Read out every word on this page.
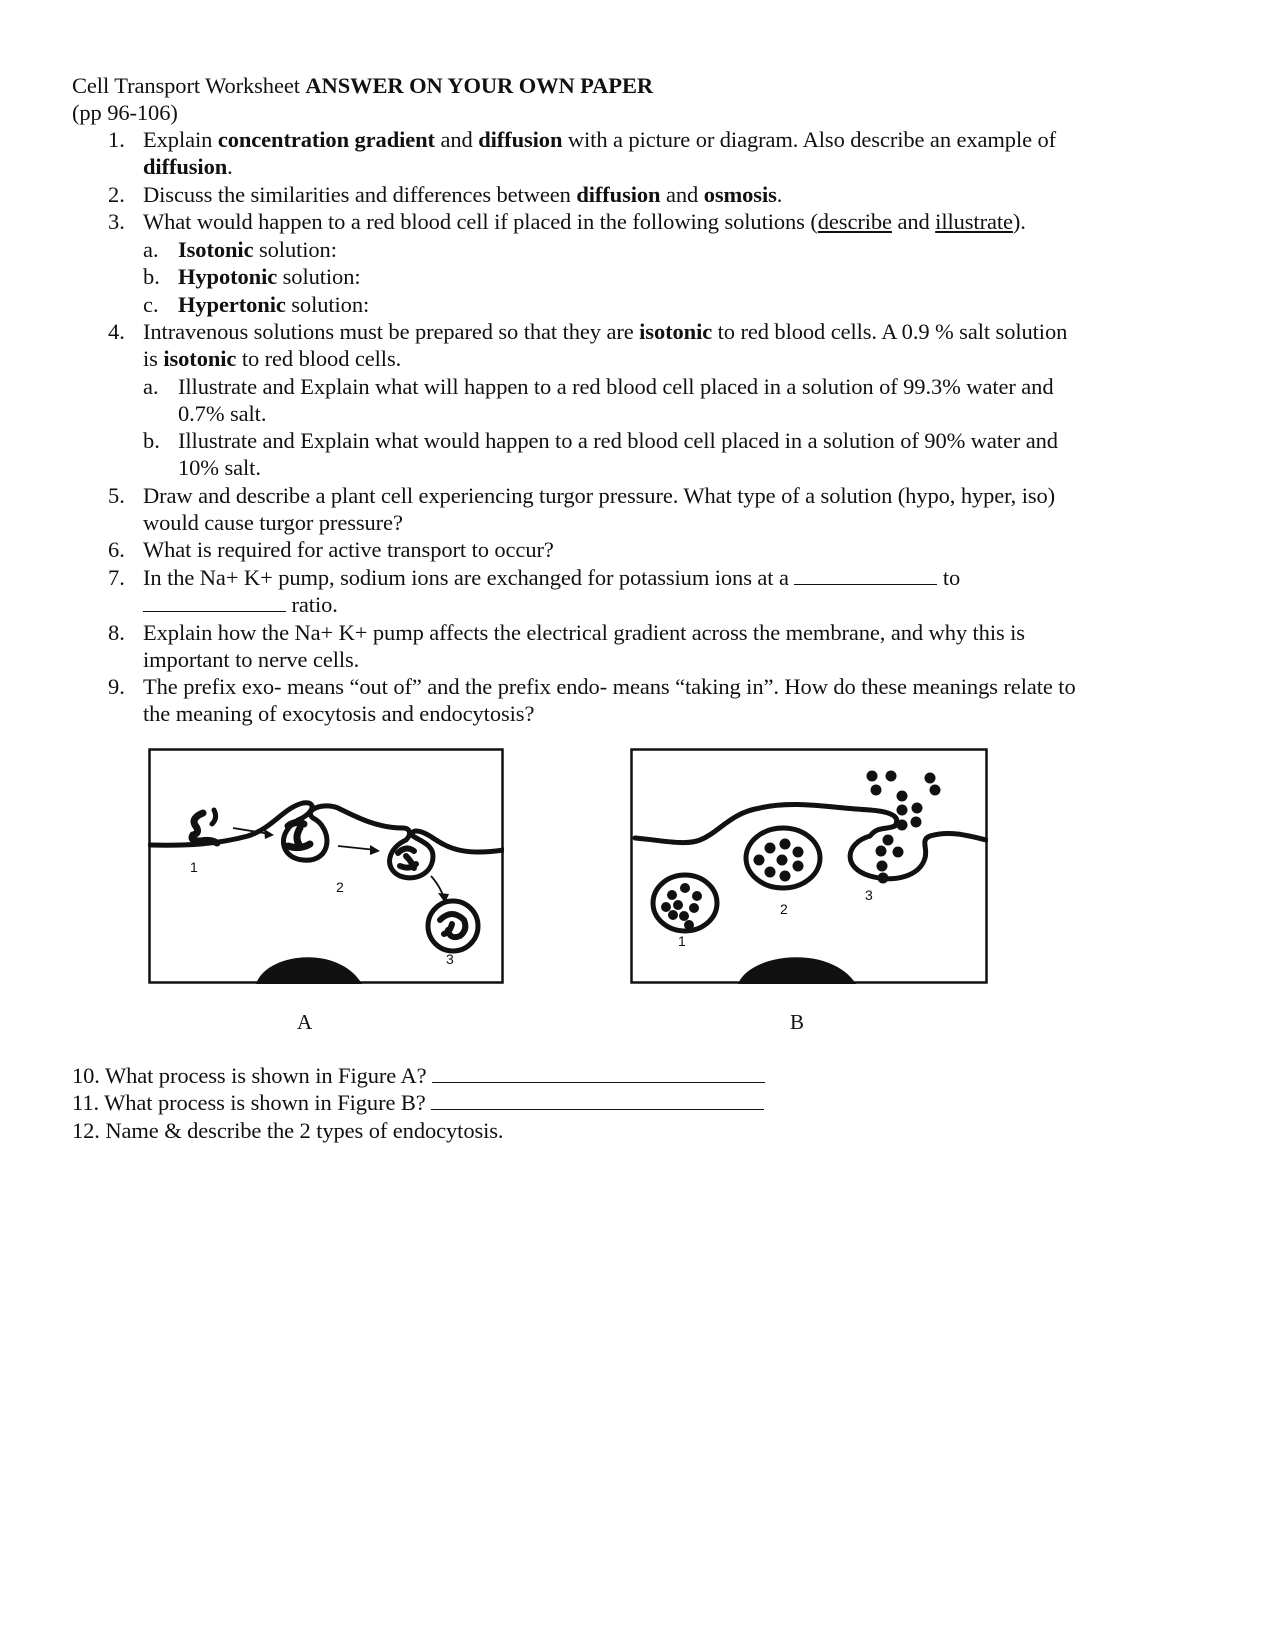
Cell Transport Worksheet ANSWER ON YOUR OWN PAPER
(pp 96-106)
1. Explain concentration gradient and diffusion with a picture or diagram. Also describe an example of
diffusion.
2. Discuss the similarities and differences between diffusion and osmosis.
3. What would happen to a red blood cell if placed in the following solutions (describe and illustrate).
a. Isotonic solution:
b. Hypotonic solution:
c. Hypertonic solution:
4. Intravenous solutions must be prepared so that they are isotonic to red blood cells. A 0.9 % salt solution
is isotonic to red blood cells.
a. Illustrate and Explain what will happen to a red blood cell placed in a solution of 99.3% water and
0.7% salt.
b. Illustrate and Explain what would happen to a red blood cell placed in a solution of 90% water and
10% salt.
5. Draw and describe a plant cell experiencing turgor pressure. What type of a solution (hypo, hyper, iso)
would cause turgor pressure?
6. What is required for active transport to occur?
7. In the Na+ K+ pump, sodium ions are exchanged for potassium ions at a	to
ratio.
8. Explain how the Na+ K+ pump affects the electrical gradient across the membrane, and why this is
important to nerve cells.
9. The prefix exo- means “out of” and the prefix endo- means “taking in”. How do these meanings relate to
the meaning of exocytosis and endocytosis?
1
2
3
A
1
2
3
B
10. What process is shown in Figure A?
11. What process is shown in Figure B?
12. Name & describe the 2 types of endocytosis.
